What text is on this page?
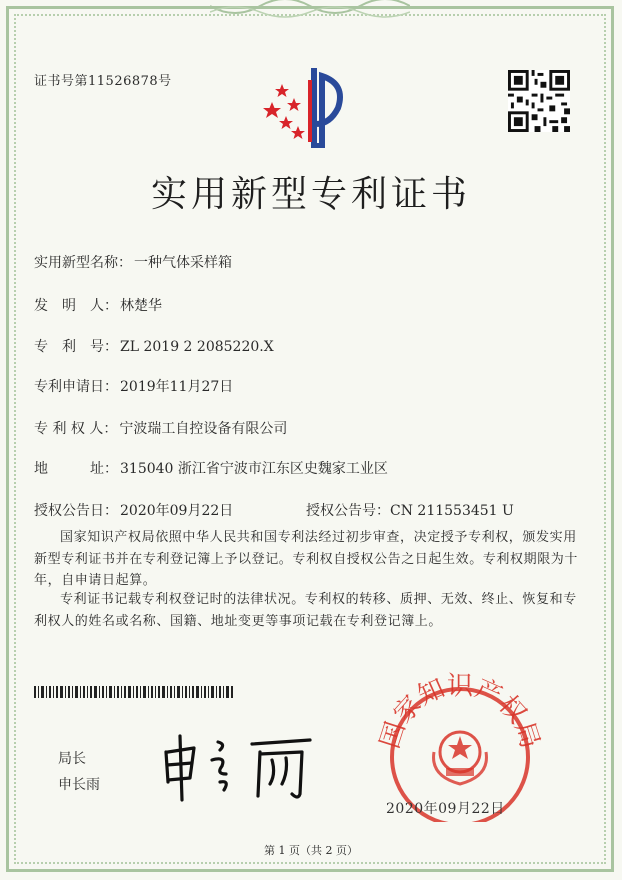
证书号第11526878号
实用新型专利证书
实用新型名称： 一种气体采样箱
发　明　人： 林楚华
专　利　号： ZL 2019 2 2085220.X
专利申请日： 2019年11月27日
专 利 权 人： 宁波瑞工自控设备有限公司
地　　　址： 315040 浙江省宁波市江东区史魏家工业区
授权公告日： 2020年09月22日	授权公告号：CN 211553451 U
国家知识产权局依照中华人民共和国专利法经过初步审查，决定授予专利权，颁发实用新型专利证书并在专利登记簿上予以登记。专利权自授权公告之日起生效。专利权期限为十年，自申请日起算。
专利证书记载专利权登记时的法律状况。专利权的转移、质押、无效、终止、恢复和专利权人的姓名或名称、国籍、地址变更等事项记载在专利登记簿上。
局长
申长雨
国家知识产权局
2020年09月22日
第 1 页（共 2 页）
